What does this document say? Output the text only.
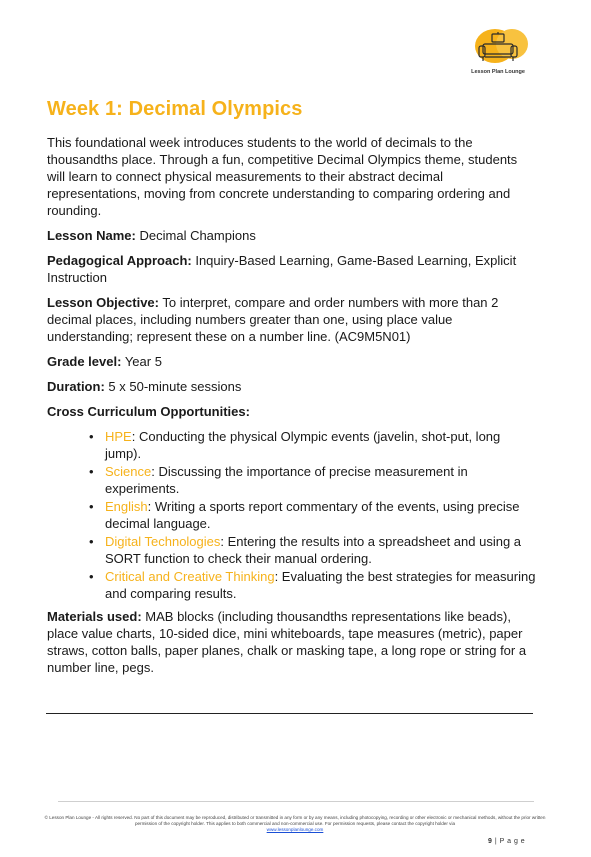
Lesson Plan Lounge
Week 1: Decimal Olympics

This foundational week introduces students to the world of decimals to the thousandths place. Through a fun, competitive Decimal Olympics theme, students will learn to connect physical measurements to their abstract decimal representations, moving from concrete understanding to comparing ordering and rounding.

Lesson Name: Decimal Champions

Pedagogical Approach: Inquiry-Based Learning, Game-Based Learning, Explicit Instruction

Lesson Objective: To interpret, compare and order numbers with more than 2 decimal places, including numbers greater than one, using place value understanding; represent these on a number line. (AC9M5N01)

Grade level: Year 5

Duration: 5 x 50-minute sessions

Cross Curriculum Opportunities:

• HPE: Conducting the physical Olympic events (javelin, shot-put, long jump).
• Science: Discussing the importance of precise measurement in experiments.
• English: Writing a sports report commentary of the events, using precise decimal language.
• Digital Technologies: Entering the results into a spreadsheet and using a SORT function to check their manual ordering.
• Critical and Creative Thinking: Evaluating the best strategies for measuring and comparing results.

Materials used: MAB blocks (including thousandths representations like beads), place value charts, 10-sided dice, mini whiteboards, tape measures (metric), paper straws, cotton balls, paper planes, chalk or masking tape, a long rope or string for a number line, pegs.

© Lesson Plan Lounge - All rights reserved. No part of this document may be reproduced, distributed or transmitted in any form or by any means, including photocopying, recording or other electronic or mechanical methods, without the prior written permission of the copyright holder. This applies to both commercial and non-commercial use. For permission requests, please contact the copyright holder via
www.lessonplanlounge.com
9 | P a g e
